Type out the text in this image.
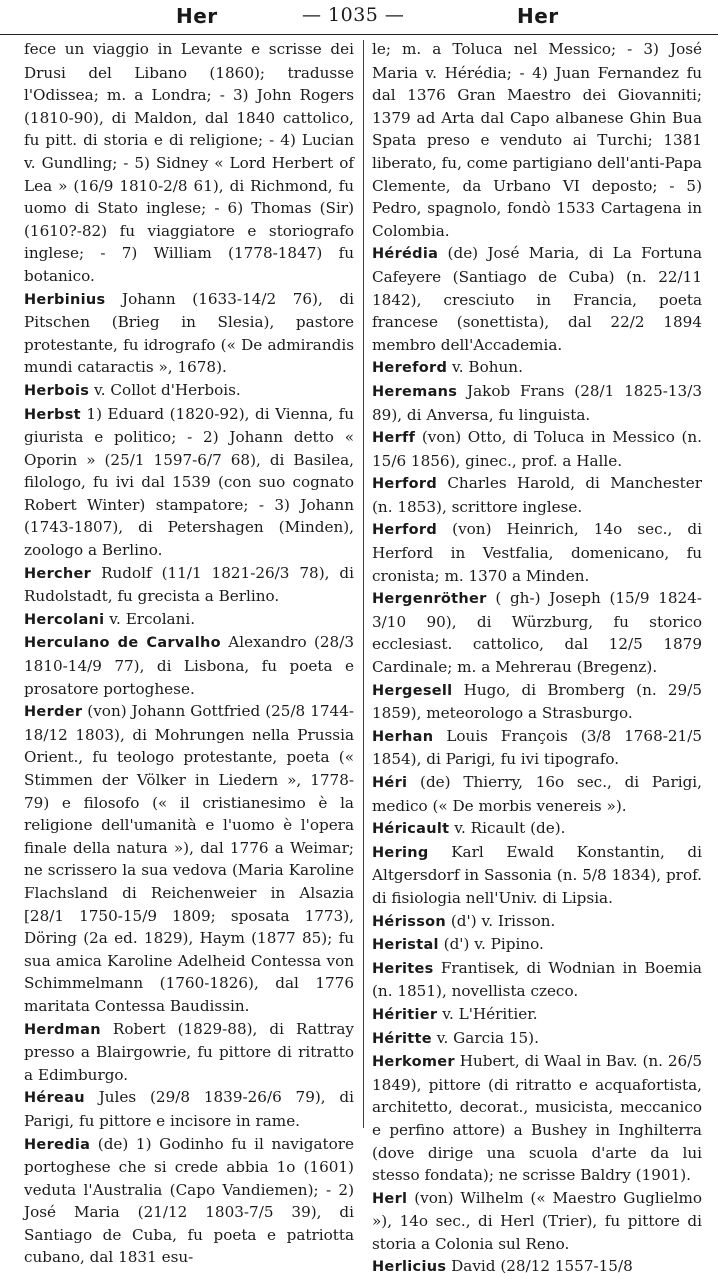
Her	— 1035 —	Her

fece un viaggio in Levante e scrisse dei Drusi del Libano (1860); tradusse l'Odissea; m. a Londra; - 3) John Rogers (1810-90), di Maldon, dal 1840 cattolico, fu pitt. di storia e di religione; - 4) Lucian v. Gundling; - 5) Sidney « Lord Herbert of Lea » (16/9 1810-2/8 61), di Richmond, fu uomo di Stato inglese; - 6) Thomas (Sir) (1610?-82) fu viaggiatore e storiografo inglese; - 7) William (1778-1847) fu botanico.

Herbinius Johann (1633-14/2 76), di Pitschen (Brieg in Slesia), pastore protestante, fu idrografo (« De admirandis mundi cataractis », 1678).

Herbois v. Collot d'Herbois.

Herbst 1) Eduard (1820-92), di Vienna, fu giurista e politico; - 2) Johann detto « Oporin » (25/1 1597-6/7 68), di Basilea, filologo, fu ivi dal 1539 (con suo cognato Robert Winter) stampatore; - 3) Johann (1743-1807), di Petershagen (Minden), zoologo a Berlino.

Hercher Rudolf (11/1 1821-26/3 78), di Rudolstadt, fu grecista a Berlino.

Hercolani v. Ercolani.

Herculano de Carvalho Alexandro (28/3 1810-14/9 77), di Lisbona, fu poeta e prosatore portoghese.

Herder (von) Johann Gottfried (25/8 1744-18/12 1803), di Mohrungen nella Prussia Orient., fu teologo protestante, poeta (« Stimmen der Völker in Liedern », 1778-79) e filosofo (« il cristianesimo è la religione dell'umanità e l'uomo è l'opera finale della natura »), dal 1776 a Weimar; ne scrissero la sua vedova (Maria Karoline Flachsland di Reichenweier in Alsazia [28/1 1750-15/9 1809; sposata 1773), Döring (2a ed. 1829), Haym (1877 85); fu sua amica Karoline Adelheid Contessa von Schimmelmann (1760-1826), dal 1776 maritata Contessa Baudissin.

Herdman Robert (1829-88), di Rattray presso a Blairgowrie, fu pittore di ritratto a Edimburgo.

Héreau Jules (29/8 1839-26/6 79), di Parigi, fu pittore e incisore in rame.

Heredia (de) 1) Godinho fu il navigatore portoghese che si crede abbia 1o (1601) veduta l'Australia (Capo Vandiemen); - 2) José Maria (21/12 1803-7/5 39), di Santiago de Cuba, fu poeta e patriotta cubano, dal 1831 esu-

le; m. a Toluca nel Messico; - 3) José Maria v. Hérédia; - 4) Juan Fernandez fu dal 1376 Gran Maestro dei Giovanniti; 1379 ad Arta dal Capo albanese Ghin Bua Spata preso e venduto ai Turchi; 1381 liberato, fu, come partigiano dell'anti-Papa Clemente, da Urbano VI deposto; - 5) Pedro, spagnolo, fondò 1533 Cartagena in Colombia.

Hérédia (de) José Maria, di La Fortuna Cafeyere (Santiago de Cuba) (n. 22/11 1842), cresciuto in Francia, poeta francese (sonettista), dal 22/2 1894 membro dell'Accademia.

Hereford v. Bohun.

Heremans Jakob Frans (28/1 1825-13/3 89), di Anversa, fu linguista.

Herff (von) Otto, di Toluca in Messico (n. 15/6 1856), ginec., prof. a Halle.

Herford Charles Harold, di Manchester (n. 1853), scrittore inglese.

Herford (von) Heinrich, 14o sec., di Herford in Vestfalia, domenicano, fu cronista; m. 1370 a Minden.

Hergenröther ( gh-) Joseph (15/9 1824-3/10 90), di Würzburg, fu storico ecclesiast. cattolico, dal 12/5 1879 Cardinale; m. a Mehrerau (Bregenz).

Hergesell Hugo, di Bromberg (n. 29/5 1859), meteorologo a Strasburgo.

Herhan Louis François (3/8 1768-21/5 1854), di Parigi, fu ivi tipografo.

Héri (de) Thierry, 16o sec., di Parigi, medico (« De morbis venereis »).

Héricault v. Ricault (de).

Hering Karl Ewald Konstantin, di Altgersdorf in Sassonia (n. 5/8 1834), prof. di fisiologia nell'Univ. di Lipsia.

Hérisson (d') v. Irisson.

Heristal (d') v. Pipino.

Herites Frantisek, di Wodnian in Boemia (n. 1851), novellista czeco.

Héritier v. L'Héritier.

Héritte v. Garcia 15).

Herkomer Hubert, di Waal in Bav. (n. 26/5 1849), pittore (di ritratto e acquafortista, architetto, decorat., musicista, meccanico e perfino attore) a Bushey in Inghilterra (dove dirige una scuola d'arte da lui stesso fondata); ne scrisse Baldry (1901).

Herl (von) Wilhelm (« Maestro Guglielmo »), 14o sec., di Herl (Trier), fu pittore di storia a Colonia sul Reno.

Herlicius David (28/12 1557-15/8
